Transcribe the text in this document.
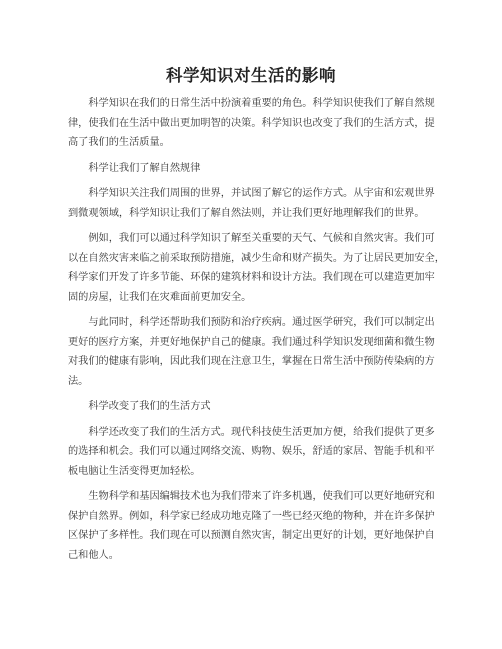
科学知识对生活的影响

　　科学知识在我们的日常生活中扮演着重要的角色。科学知识使我们了解自然规
律，使我们在生活中做出更加明智的决策。科学知识也改变了我们的生活方式，提
高了我们的生活质量。

　　科学让我们了解自然规律

　　科学知识关注我们周围的世界，并试图了解它的运作方式。从宇宙和宏观世界
到微观领域，科学知识让我们了解自然法则，并让我们更好地理解我们的世界。

　　例如，我们可以通过科学知识了解至关重要的天气、气候和自然灾害。我们可
以在自然灾害来临之前采取预防措施，减少生命和财产损失。为了让居民更加安全，
科学家们开发了许多节能、环保的建筑材料和设计方法。我们现在可以建造更加牢
固的房屋，让我们在灾难面前更加安全。

　　与此同时，科学还帮助我们预防和治疗疾病。通过医学研究，我们可以制定出
更好的医疗方案，并更好地保护自己的健康。我们通过科学知识发现细菌和微生物
对我们的健康有影响，因此我们现在注意卫生，掌握在日常生活中预防传染病的方
法。

　　科学改变了我们的生活方式

　　科学还改变了我们的生活方式。现代科技使生活更加方便，给我们提供了更多
的选择和机会。我们可以通过网络交流、购物、娱乐，舒适的家居、智能手机和平
板电脑让生活变得更加轻松。

　　生物科学和基因编辑技术也为我们带来了许多机遇，使我们可以更好地研究和
保护自然界。例如，科学家已经成功地克隆了一些已经灭绝的物种，并在许多保护
区保护了多样性。我们现在可以预测自然灾害，制定出更好的计划，更好地保护自
己和他人。
